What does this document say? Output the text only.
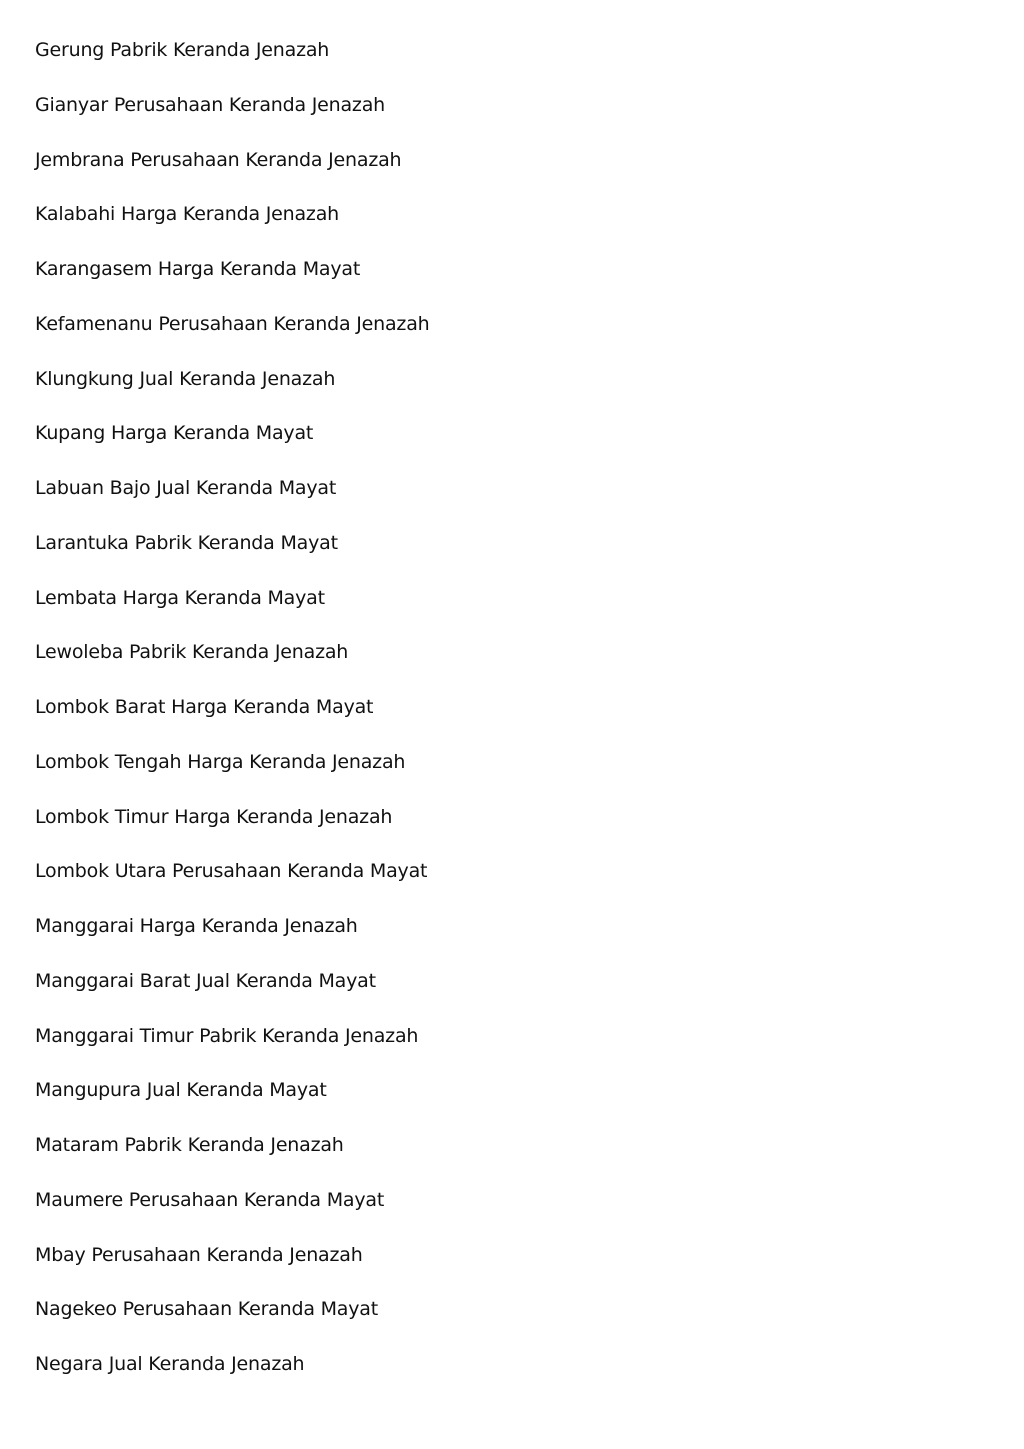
Gerung Pabrik Keranda Jenazah
Gianyar Perusahaan Keranda Jenazah
Jembrana Perusahaan Keranda Jenazah
Kalabahi Harga Keranda Jenazah
Karangasem Harga Keranda Mayat
Kefamenanu Perusahaan Keranda Jenazah
Klungkung Jual Keranda Jenazah
Kupang Harga Keranda Mayat
Labuan Bajo Jual Keranda Mayat
Larantuka Pabrik Keranda Mayat
Lembata Harga Keranda Mayat
Lewoleba Pabrik Keranda Jenazah
Lombok Barat Harga Keranda Mayat
Lombok Tengah Harga Keranda Jenazah
Lombok Timur Harga Keranda Jenazah
Lombok Utara Perusahaan Keranda Mayat
Manggarai Harga Keranda Jenazah
Manggarai Barat Jual Keranda Mayat
Manggarai Timur Pabrik Keranda Jenazah
Mangupura Jual Keranda Mayat
Mataram Pabrik Keranda Jenazah
Maumere Perusahaan Keranda Mayat
Mbay Perusahaan Keranda Jenazah
Nagekeo Perusahaan Keranda Mayat
Negara Jual Keranda Jenazah
